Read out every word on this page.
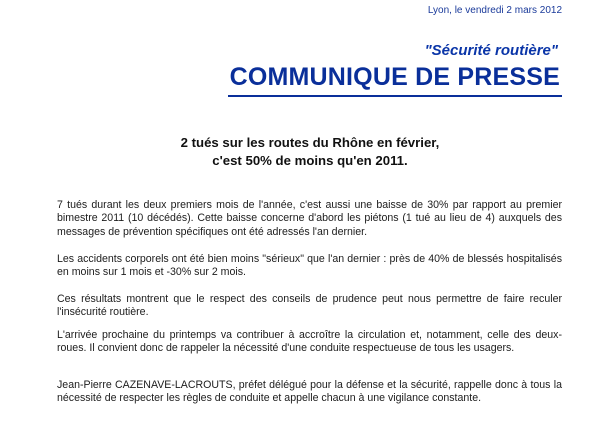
Lyon, le vendredi 2 mars 2012
"Sécurité routière"
COMMUNIQUE DE PRESSE
2 tués sur les routes du Rhône en février,
c'est 50% de moins qu'en 2011.
7 tués durant les deux premiers mois de l'année, c'est aussi une baisse de 30% par rapport au premier bimestre 2011 (10 décédés). Cette baisse concerne d'abord les piétons (1 tué au lieu de 4) auxquels des messages de prévention spécifiques ont été adressés l'an dernier.
Les accidents corporels ont été bien moins "sérieux" que l'an dernier : près de 40% de blessés hospitalisés en moins sur 1 mois et -30% sur 2 mois.
Ces résultats montrent que le respect des conseils de prudence peut nous permettre de faire reculer l'insécurité routière.
L'arrivée prochaine du printemps va contribuer à accroître la circulation et, notamment, celle des deux-roues. Il convient donc de rappeler la nécessité d'une conduite respectueuse de tous les usagers.
Jean-Pierre CAZENAVE-LACROUTS, préfet délégué pour la défense et la sécurité, rappelle donc à tous la nécessité de respecter les règles de conduite et appelle chacun à une vigilance constante.
